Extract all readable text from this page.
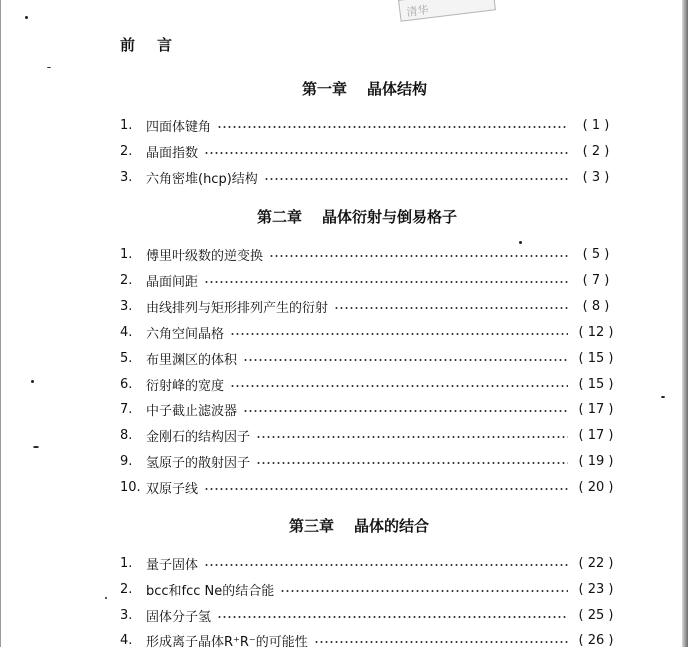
清华
前言
第一章 晶体结构
1.	四面体键角	( 1 )
2.	晶面指数	( 2 )
3.	六角密堆(hcp)结构	( 3 )
第二章 晶体衍射与倒易格子
1.	傅里叶级数的逆变换	( 5 )
2.	晶面间距	( 7 )
3.	由线排列与矩形排列产生的衍射	( 8 )
4.	六角空间晶格	( 12 )
5.	布里渊区的体积	( 15 )
6.	衍射峰的宽度	( 15 )
7.	中子截止滤波器	( 17 )
8.	金刚石的结构因子	( 17 )
9.	氢原子的散射因子	( 19 )
10. 双原子线	( 20 )
第三章 晶体的结合
1.	量子固体	( 22 )
2.	bcc和fcc Ne的结合能	( 23 )
3.	固体分子氢	( 25 )
4.	形成离子晶体R⁺R⁻的可能性	( 26 )
